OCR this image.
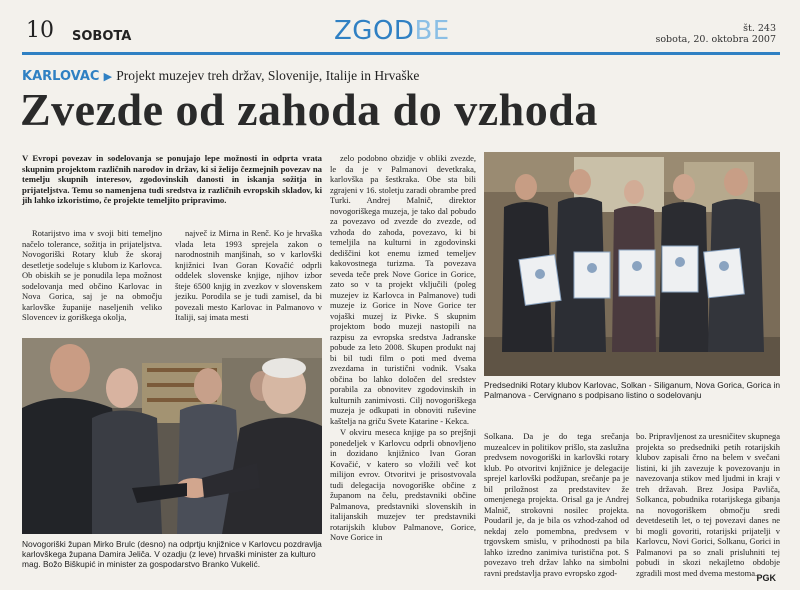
10 SOBOTA	ZGODBE	št. 243
sobota, 20. oktobra 2007
KARLOVAC ▶ Projekt muzejev treh držav, Slovenije, Italije in Hrvaške
Zvezde od zahoda do vzhoda
V Evropi povezav in sodelovanja se ponujajo lepe možnosti in odprta vrata skupnim projektom različnih narodov in držav, ki si želijo čezmejnih povezav na temelju skupnih interesov, zgodovinskih danosti in iskanja sožitja in prijateljstva. Temu so namenjena tudi sredstva iz različnih evropskih skladov, ki jih lahko izkoristimo, če projekte temeljito pripravimo.

Rotarijstvo ima v svoji biti temeljno načelo tolerance, sožitja in prijateljstva. Novogoriški Rotary klub že skoraj desetletje sodeluje s klubom iz Karlovca. Ob obiskih se je ponudila lepa možnost sodelovanja med občino Karlovac in Nova Gorica, saj je na območju karlovške županije naseljenih veliko Slovencev iz goriškega okolja,

največ iz Mirna in Renč. Ko je hrvaška vlada leta 1993 sprejela zakon o narodnostnih manjšinah, so v karlovški knjižnici Ivan Goran Kovačić odprli oddelek slovenske knjige, njihov izbor šteje 6500 knjig in zvezkov v slovenskem jeziku. Porodila se je tudi zamisel, da bi povezali mesto Karlovac in Palmanovo v Italiji, saj imata mesti

zelo podobno obzidje v obliki zvezde, le da je v Palmanovi devetkraka, karlovška pa šestkraka. Obe sta bili zgrajeni v 16. stoletju zaradi obrambe pred Turki. Andrej Malnič, direktor novogoriškega muzeja, je tako dal pobudo za povezavo od zvezde do zvezde, od vzhoda do zahoda, povezavo, ki bi temeljila na kulturni in zgodovinski dediščini kot enemu izmed temeljev kakovostnega turizma. Ta povezava seveda teče prek Nove Gorice in Gorice, zato so v ta projekt vključili (poleg muzejev iz Karlovca in Palmanove) tudi muzeje iz Gorice in Nove Gorice ter vojaški muzej iz Pivke. S skupnim projektom bodo muzeji nastopili na razpisu za evropska sredstva Jadranske pobude za leto 2008. Skupen produkt naj bi bil tudi film o poti med dvema zvezdama in turistični vodnik. Vsaka občina bo lahko določen del sredstev porabila za obnovitev zgodovinskih in kulturnih zanimivosti. Cilj novogoriškega muzeja je odkupati in obnoviti ruševine kaštelja na griču Svete Katarine - Kekca.

V okviru meseca knjige pa so prejšnji ponedeljek v Karlovcu odprli obnovljeno in dozidano knjižnico Ivan Goran Kovačić, v katero so vložili več kot milijon evrov. Otvoritvi je prisostvovala tudi delegacija novogoriške občine z županom na čelu, predstavniki občine Palmanova, predstavniki slovenskih in italijanskih muzejev ter predstavniki rotarijskih klubov Palmanove, Gorice, Nove Gorice in

Solkana. Da je do tega srečanja muzealcev in politikov prišlo, sta zaslužna predvsem novogoriški in karlovški rotary klub. Po otvoritvi knjižnice je delegacije sprejel karlovški podžupan, srečanje pa je bil priložnost za predstavitev že omenjenega projekta. Orisal ga je Andrej Malnič, strokovni nosilec projekta. Poudaril je, da je bila os vzhod-zahod od nekdaj zelo pomembna, predvsem v trgovskem smislu, v prihodnosti pa bila lahko izredno zanimiva turistična pot. S povezavo treh držav lahko na simbolni ravni predstavlja pravo evropsko zgod-

bo. Pripravljenost za uresničitev skupnega projekta so predsedniki petih rotarijskih klubov zapisali črno na belem v svečani listini, ki jih zavezuje k povezovanju in navezovanja stikov med ljudmi in kraji v treh državah. Brez Josipa Pavliča, Solkanca, pobudnika rotarijskega gibanja na novogoriškem območju sredi devetdesetih let, o tej povezavi danes ne bi mogli govoriti, rotarijski prijatelji v Karlovcu, Novi Gorici, Solkanu, Gorici in Palmanovi pa so znali prisluhniti tej pobudi in skozi nekajletno obdobje zgradili most med dvema mestoma.

Novogoriški župan Mirko Brulc (desno) na odprtju knjižnice v Karlovcu pozdravlja karlovškega župana Damira Jeliča. V ozadju (z leve) hrvaški minister za kulturo mag. Božo Biškupić in minister za gospodarstvo Branko Vukelić.
Predsedniki Rotary klubov Karlovac, Solkan - Siliganum, Nova Gorica, Gorica in Palmanova - Cervignano s podpisano listino o sodelovanju
PGK
